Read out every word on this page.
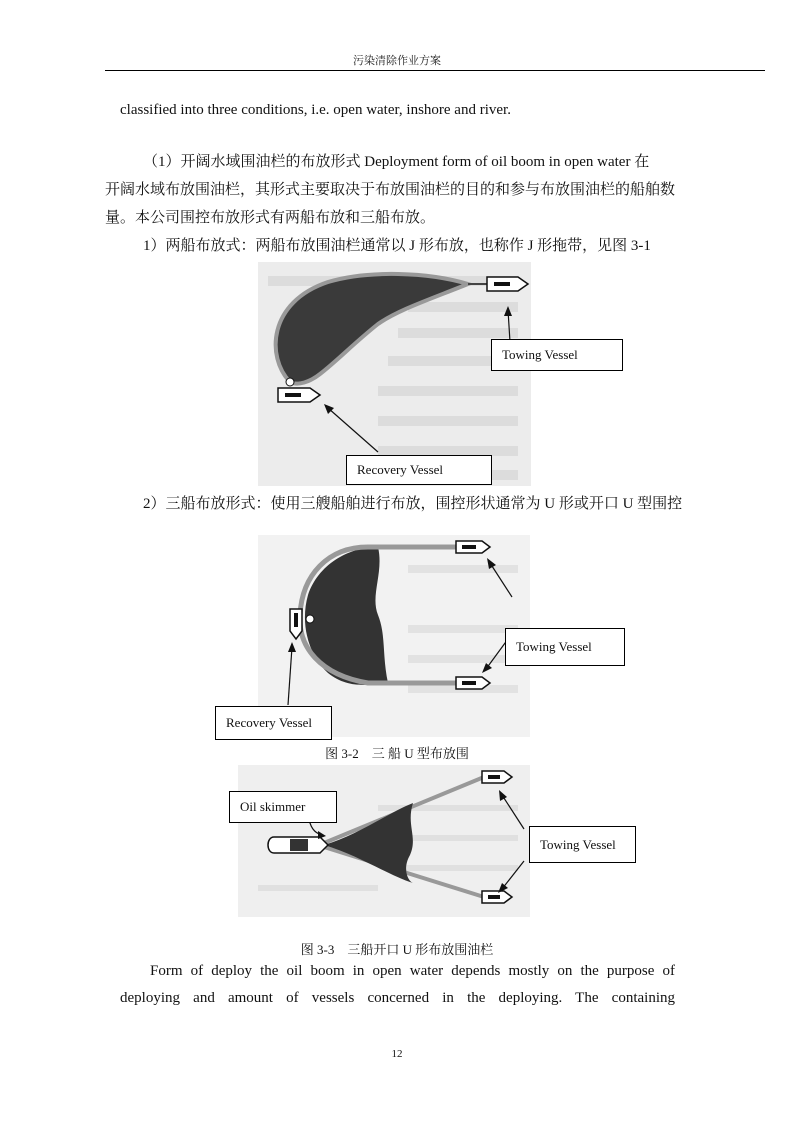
污染清除作业方案
classified into three conditions, i.e. open water, inshore and river.
（1）开阔水域围油栏的布放形式 Deployment form of oil boom in open water 在
开阔水域布放围油栏，其形式主要取决于布放围油栏的目的和参与布放围油栏的船舶数
量。本公司围控布放形式有两船布放和三船布放。
1）两船布放式：两船布放围油栏通常以 J 形布放，也称作 J 形拖带，见图 3-1
Towing Vessel
Recovery Vessel
2）三船布放形式：使用三艘船舶进行布放，围控形状通常为 U 形或开口 U 型围控
Towing Vessel
Recovery Vessel
图 3-2　三 船 U 型布放围
Oil skimmer
Towing Vessel
图 3-3　三船开口 U 形布放围油栏
Form of deploy the oil boom in open water depends mostly on the purpose of
deploying and amount of vessels concerned in the deploying. The containing
12
